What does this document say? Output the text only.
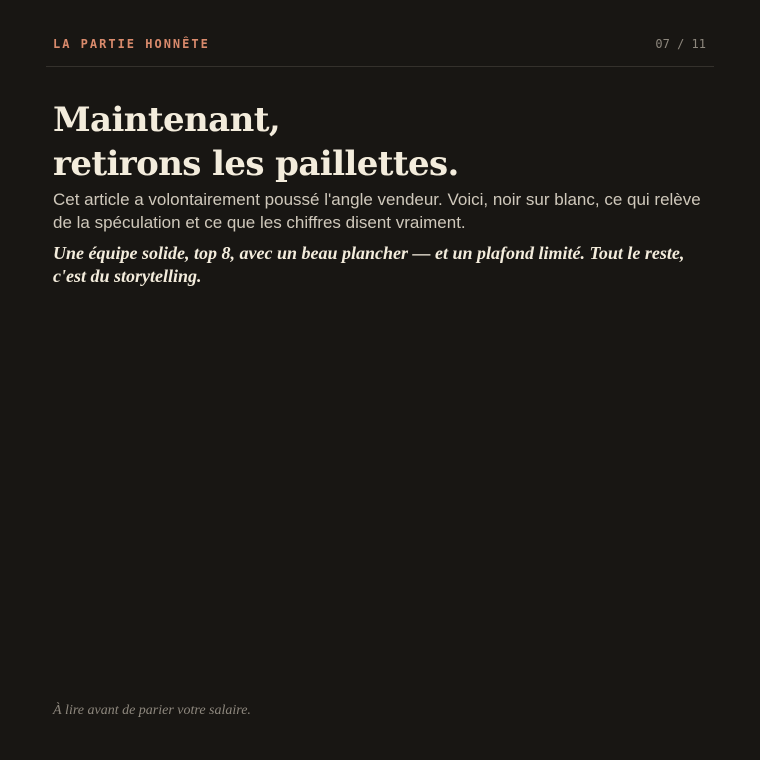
LA PARTIE HONNÊTE	07 / 11
Maintenant,
retirons les paillettes.

Cet article a volontairement poussé l'angle vendeur. Voici, noir sur blanc, ce qui relève de la spéculation et ce que les chiffres disent vraiment.

Une équipe solide, top 8, avec un beau plancher — et un plafond limité. Tout le reste, c'est du storytelling.

À lire avant de parier votre salaire.
